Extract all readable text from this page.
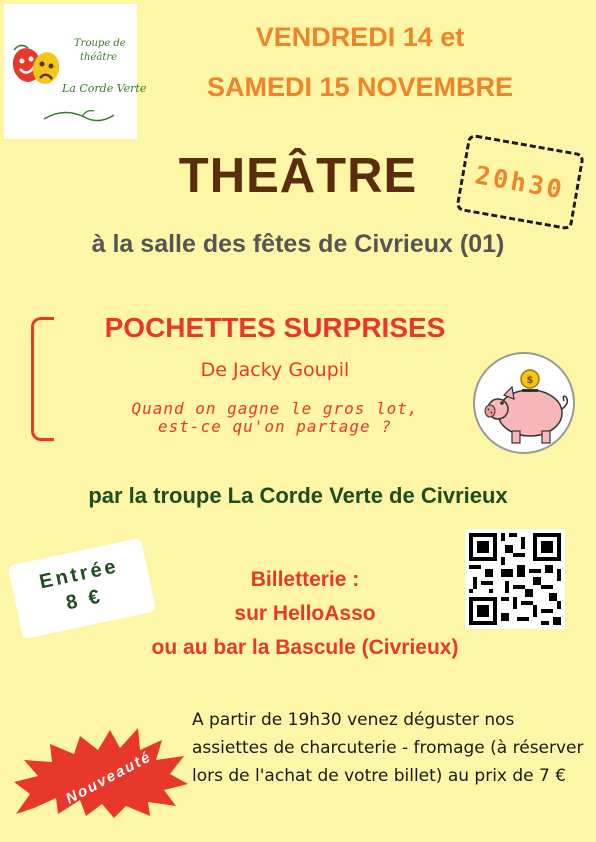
Troupe de
théâtre
La Corde Verte
VENDREDI 14 et
SAMEDI 15 NOVEMBRE
20h30
THEÂTRE
à la salle des fêtes de Civrieux (01)
POCHETTES SURPRISES
De Jacky Goupil
Quand on gagne le gros lot,
est-ce qu'on partage ?
$
par la troupe La Corde Verte de Civrieux
Entrée
8 €
Billetterie :
sur HelloAsso
ou au bar la Bascule (Civrieux)
Nouveauté
A partir de 19h30 venez déguster nos assiettes de charcuterie - fromage (à réserver lors de l'achat de votre billet) au prix de 7 €
